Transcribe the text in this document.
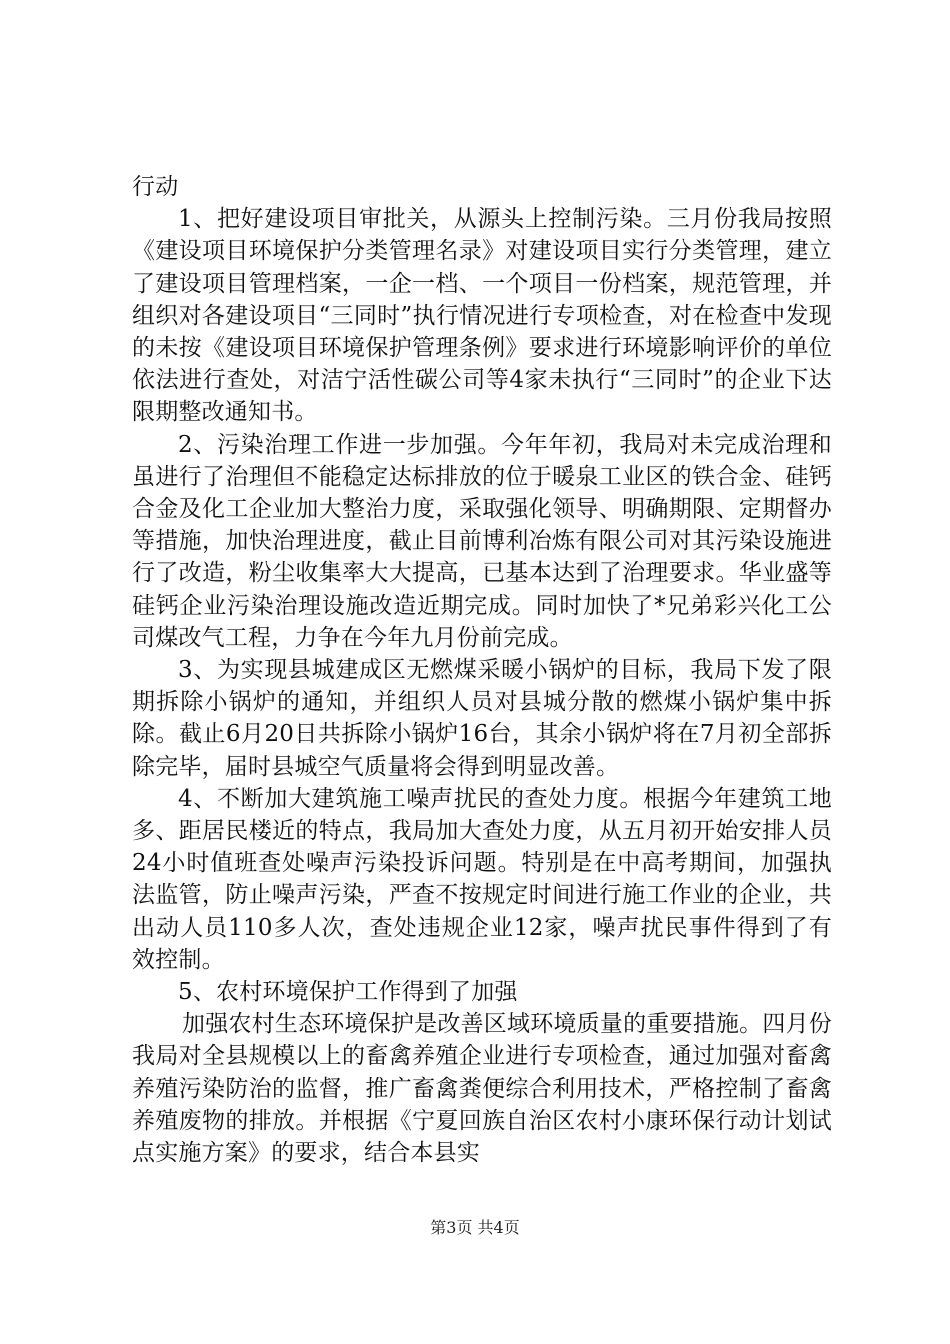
行动

1、把好建设项目审批关，从源头上控制污染。三月份我局按照《建设项目环境保护分类管理名录》对建设项目实行分类管理，建立了建设项目管理档案，一企一档、一个项目一份档案，规范管理，并组织对各建设项目“三同时”执行情况进行专项检查，对在检查中发现的未按《建设项目环境保护管理条例》要求进行环境影响评价的单位依法进行查处，对洁宁活性碳公司等4家未执行“三同时”的企业下达限期整改通知书。

2、污染治理工作进一步加强。今年年初，我局对未完成治理和虽进行了治理但不能稳定达标排放的位于暖泉工业区的铁合金、硅钙合金及化工企业加大整治力度，采取强化领导、明确期限、定期督办等措施，加快治理进度，截止目前博利冶炼有限公司对其污染设施进行了改造，粉尘收集率大大提高，已基本达到了治理要求。华业盛等硅钙企业污染治理设施改造近期完成。同时加快了*兄弟彩兴化工公司煤改气工程，力争在今年九月份前完成。

3、为实现县城建成区无燃煤采暖小锅炉的目标，我局下发了限期拆除小锅炉的通知，并组织人员对县城分散的燃煤小锅炉集中拆除。截止6月20日共拆除小锅炉16台，其余小锅炉将在7月初全部拆除完毕，届时县城空气质量将会得到明显改善。

4、不断加大建筑施工噪声扰民的查处力度。根据今年建筑工地多、距居民楼近的特点，我局加大查处力度，从五月初开始安排人员24小时值班查处噪声污染投诉问题。特别是在中高考期间，加强执法监管，防止噪声污染，严查不按规定时间进行施工作业的企业，共出动人员110多人次，查处违规企业12家，噪声扰民事件得到了有效控制。

5、农村环境保护工作得到了加强

加强农村生态环境保护是改善区域环境质量的重要措施。四月份我局对全县规模以上的畜禽养殖企业进行专项检查，通过加强对畜禽养殖污染防治的监督，推广畜禽粪便综合利用技术，严格控制了畜禽养殖废物的排放。并根据《宁夏回族自治区农村小康环保行动计划试点实施方案》的要求，结合本县实

第3页 共4页
